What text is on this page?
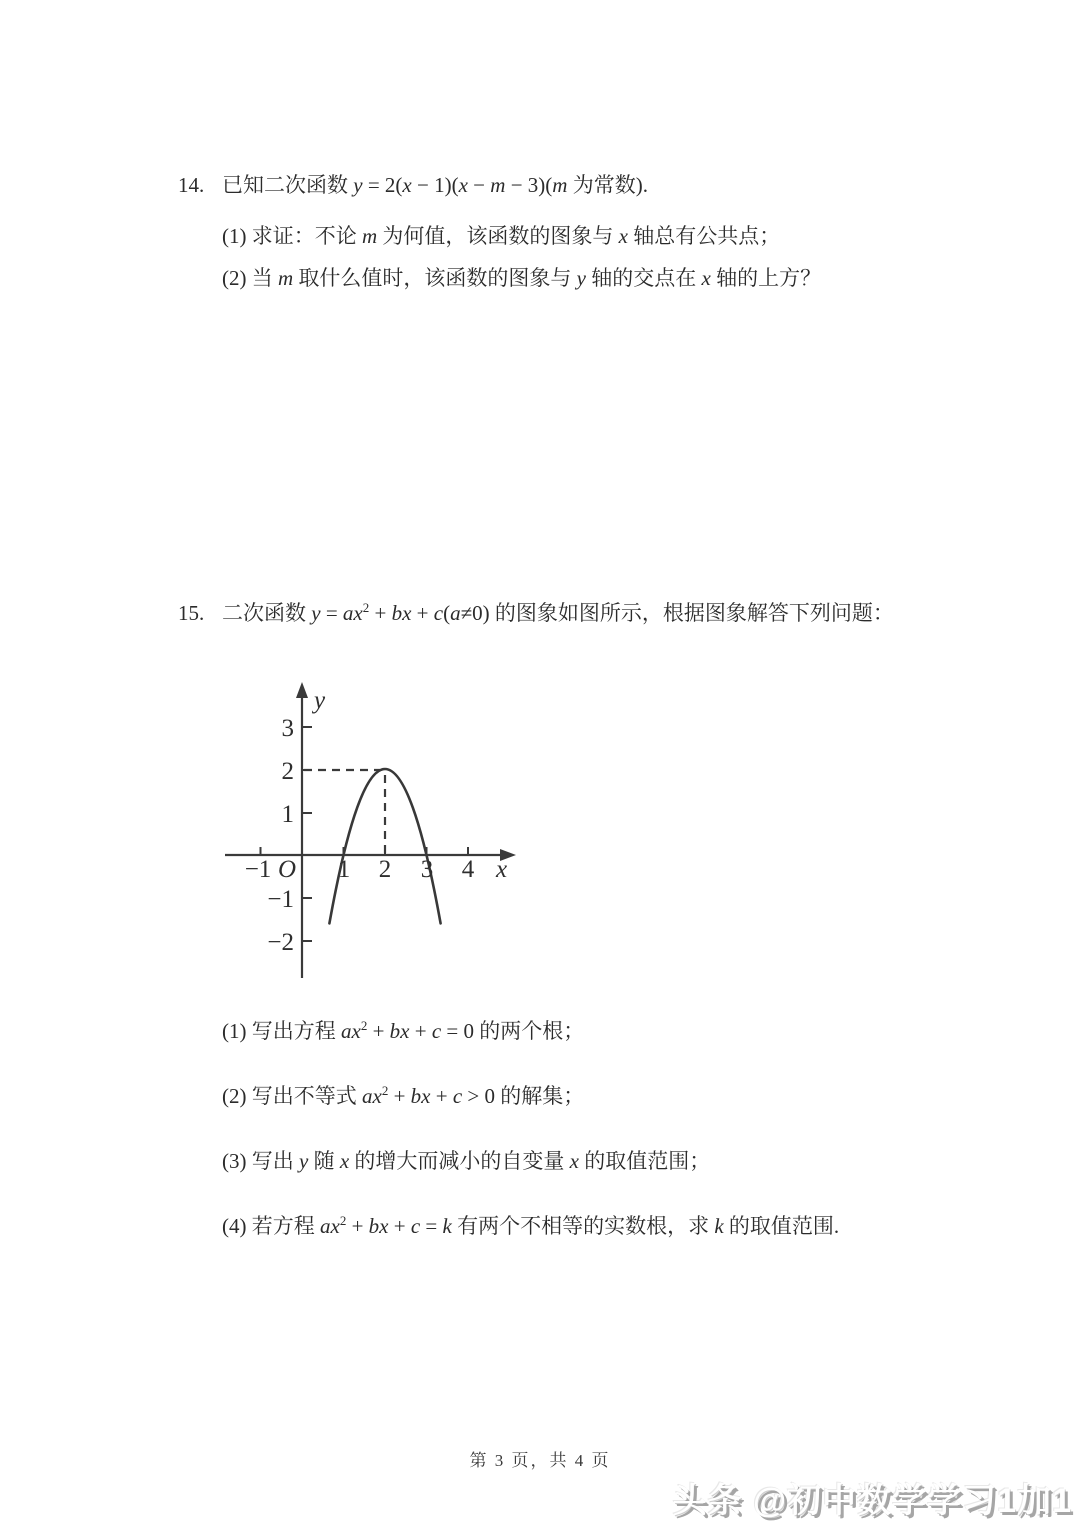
14. 已知二次函数 y = 2(x − 1)(x − m − 3)(m 为常数).
(1) 求证：不论 m 为何值，该函数的图象与 x 轴总有公共点；
(2) 当 m 取什么值时，该函数的图象与 y 轴的交点在 x 轴的上方？
15. 二次函数 $y = ax^2$ + bx + c(a≠0) 的图象如图所示，根据图象解答下列问题：
y
x
O
−1	1 2 3 4
3
2
1
−1
−2
(1) 写出方程 $ax^2$ + bx + c = 0 的两个根；
(2) 写出不等式 $ax^2$ + bx + c > 0 的解集；
(3) 写出 y 随 x 的增大而减小的自变量 x 的取值范围；
(4) 若方程 $ax^2$ + bx + c = k 有两个不相等的实数根，求 k 的取值范围.
第 3 页，共 4 页
头条 @初中数学学习1加1
